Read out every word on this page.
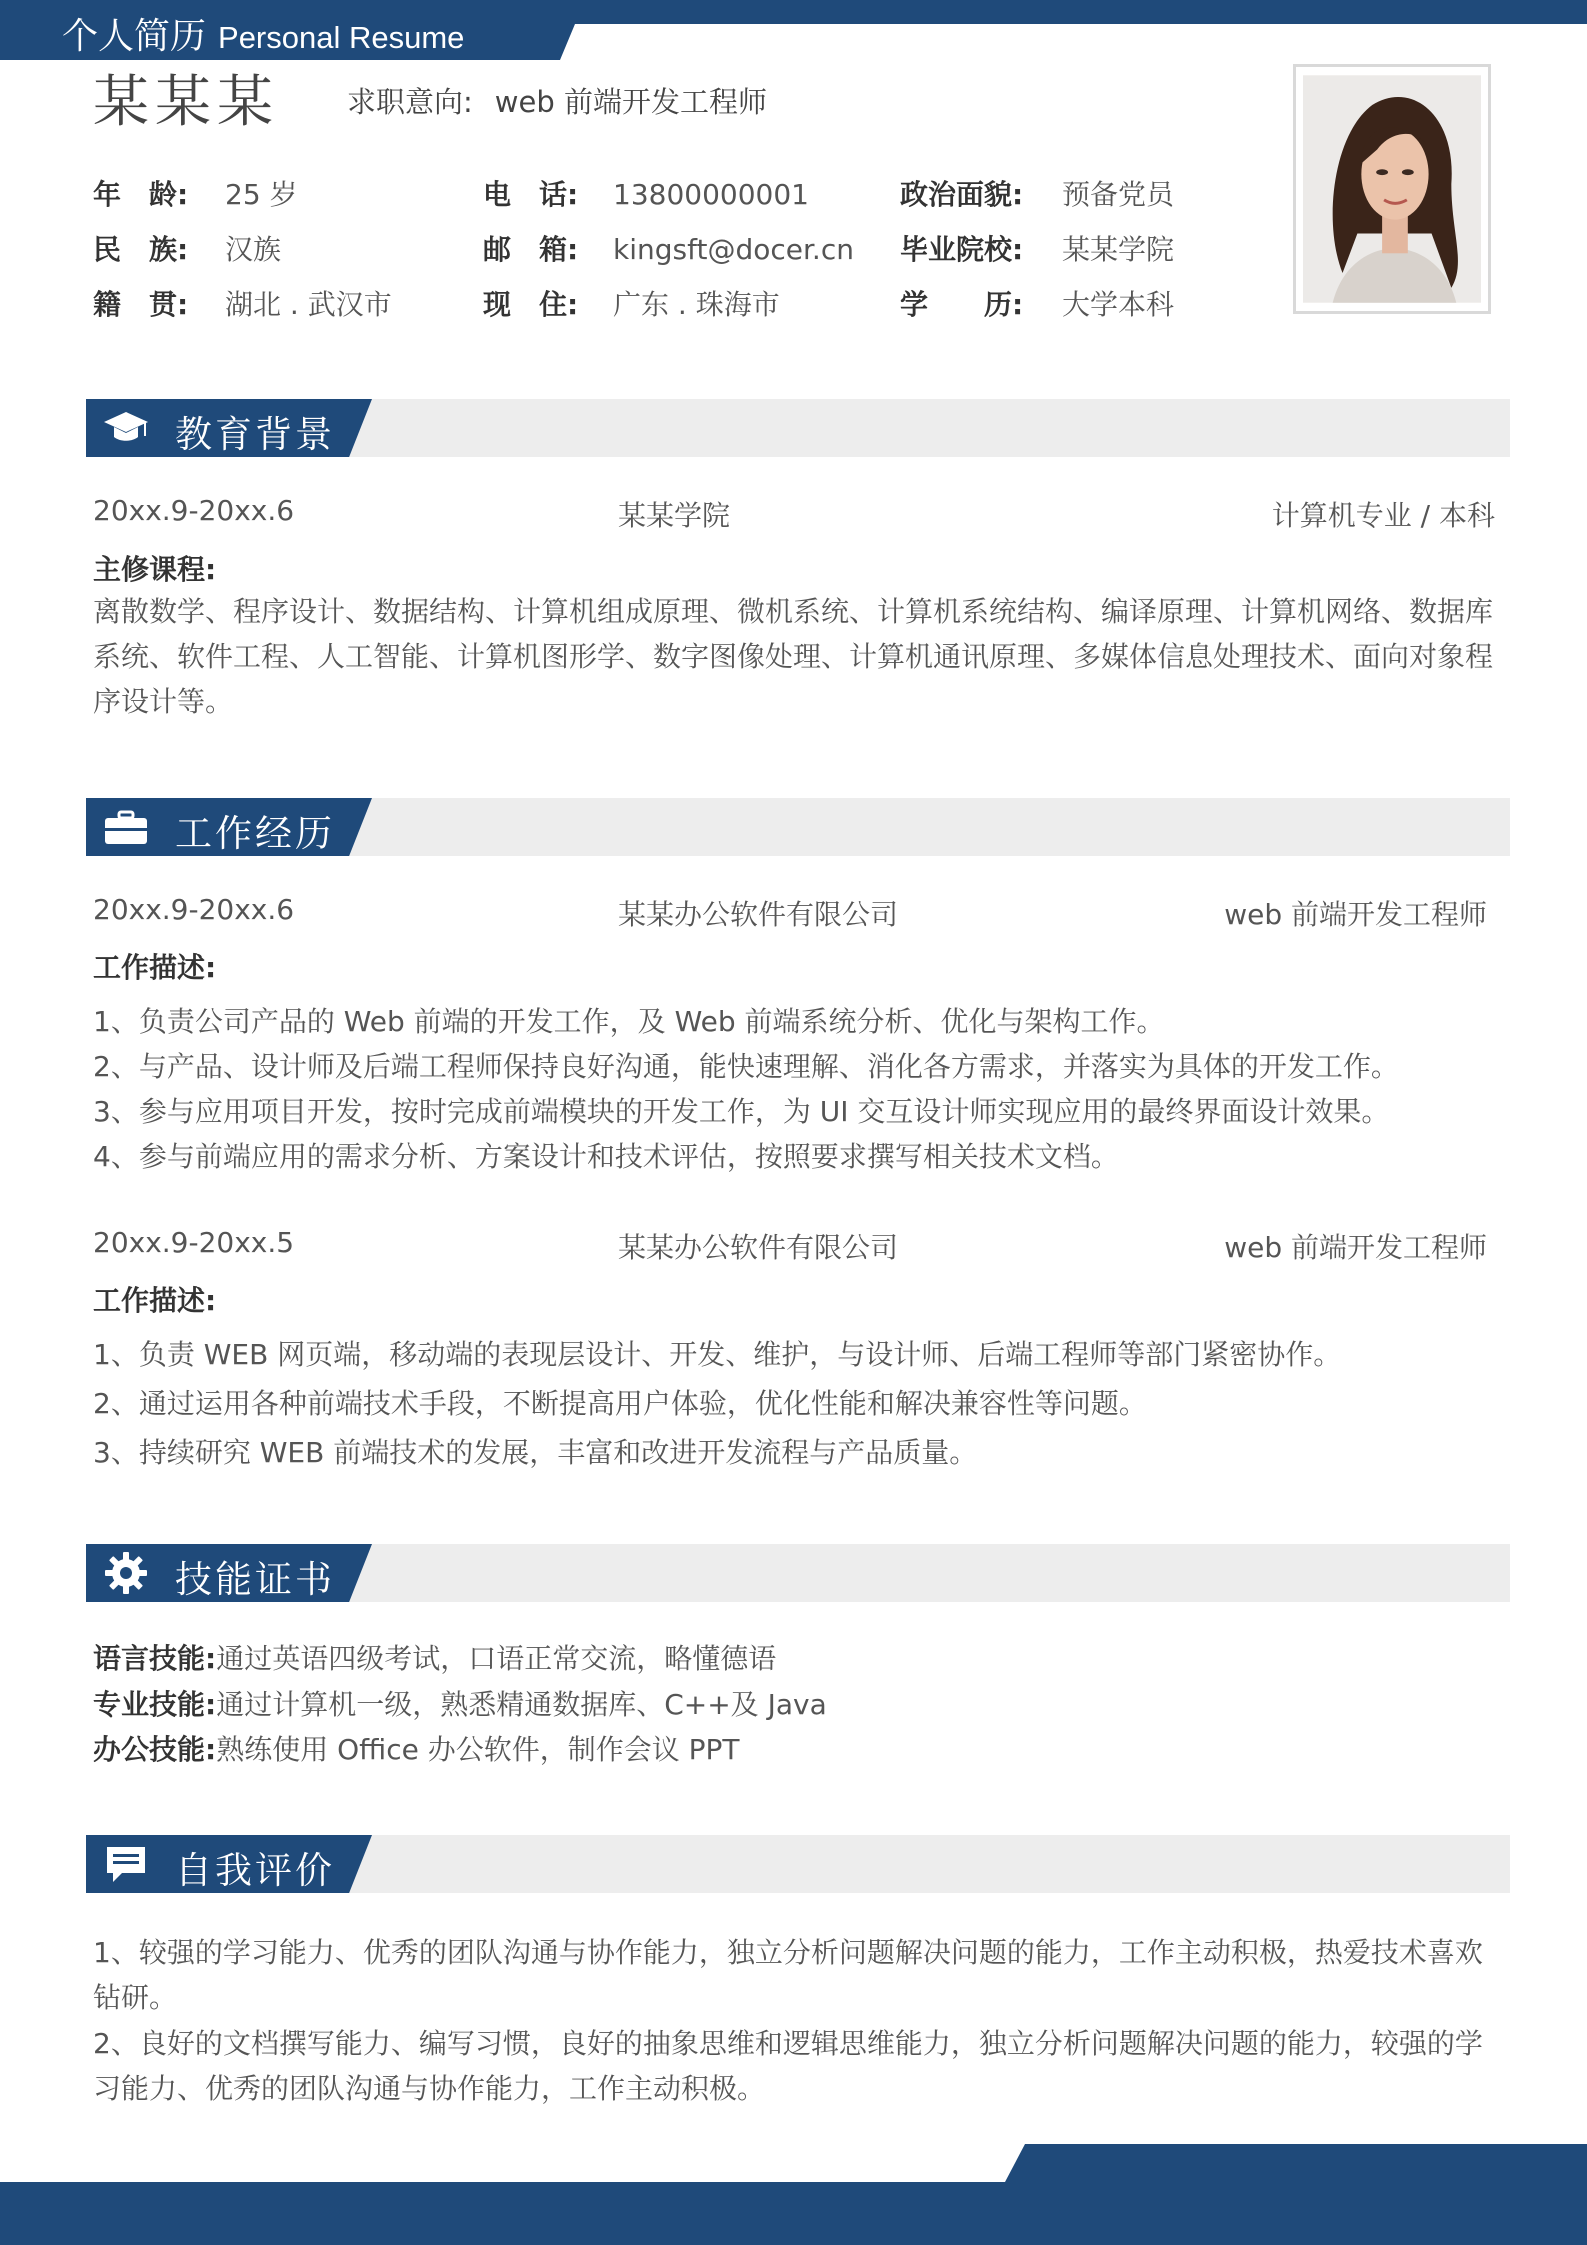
个人简历 Personal Resume
某某某 求职意向: web 前端开发工程师
年　龄: 25 岁	电　话: 13800000001	政治面貌: 预备党员
民　族: 汉族	邮　箱: kingsft@docer.cn 毕业院校: 某某学院
籍　贯: 湖北 . 武汉市	现　住: 广东 . 珠海市	学　　历: 大学本科
教育背景
20xx.9-20xx.6	某某学院	计算机专业 / 本科
主修课程:
离散数学、程序设计、数据结构、计算机组成原理、微机系统、计算机系统结构、编译原理、计算机网络、数据库系统、软件工程、人工智能、计算机图形学、数字图像处理、计算机通讯原理、多媒体信息处理技术、面向对象程序设计等。
工作经历
20xx.9-20xx.6	某某办公软件有限公司	web 前端开发工程师
工作描述:
1、负责公司产品的 Web 前端的开发工作，及 Web 前端系统分析、优化与架构工作。
2、与产品、设计师及后端工程师保持良好沟通，能快速理解、消化各方需求，并落实为具体的开发工作。
3、参与应用项目开发，按时完成前端模块的开发工作，为 UI 交互设计师实现应用的最终界面设计效果。
4、参与前端应用的需求分析、方案设计和技术评估，按照要求撰写相关技术文档。
20xx.9-20xx.5	某某办公软件有限公司	web 前端开发工程师
工作描述:
1、负责 WEB 网页端，移动端的表现层设计、开发、维护，与设计师、后端工程师等部门紧密协作。
2、通过运用各种前端技术手段，不断提高用户体验，优化性能和解决兼容性等问题。
3、持续研究 WEB 前端技术的发展，丰富和改进开发流程与产品质量。
技能证书
语言技能:通过英语四级考试，口语正常交流，略懂德语
专业技能:通过计算机一级，熟悉精通数据库、C++及 Java
办公技能:熟练使用 Office 办公软件，制作会议 PPT
自我评价
1、较强的学习能力、优秀的团队沟通与协作能力，独立分析问题解决问题的能力，工作主动积极，热爱技术喜欢钻研。
2、良好的文档撰写能力、编写习惯，良好的抽象思维和逻辑思维能力，独立分析问题解决问题的能力，较强的学习能力、优秀的团队沟通与协作能力，工作主动积极。
